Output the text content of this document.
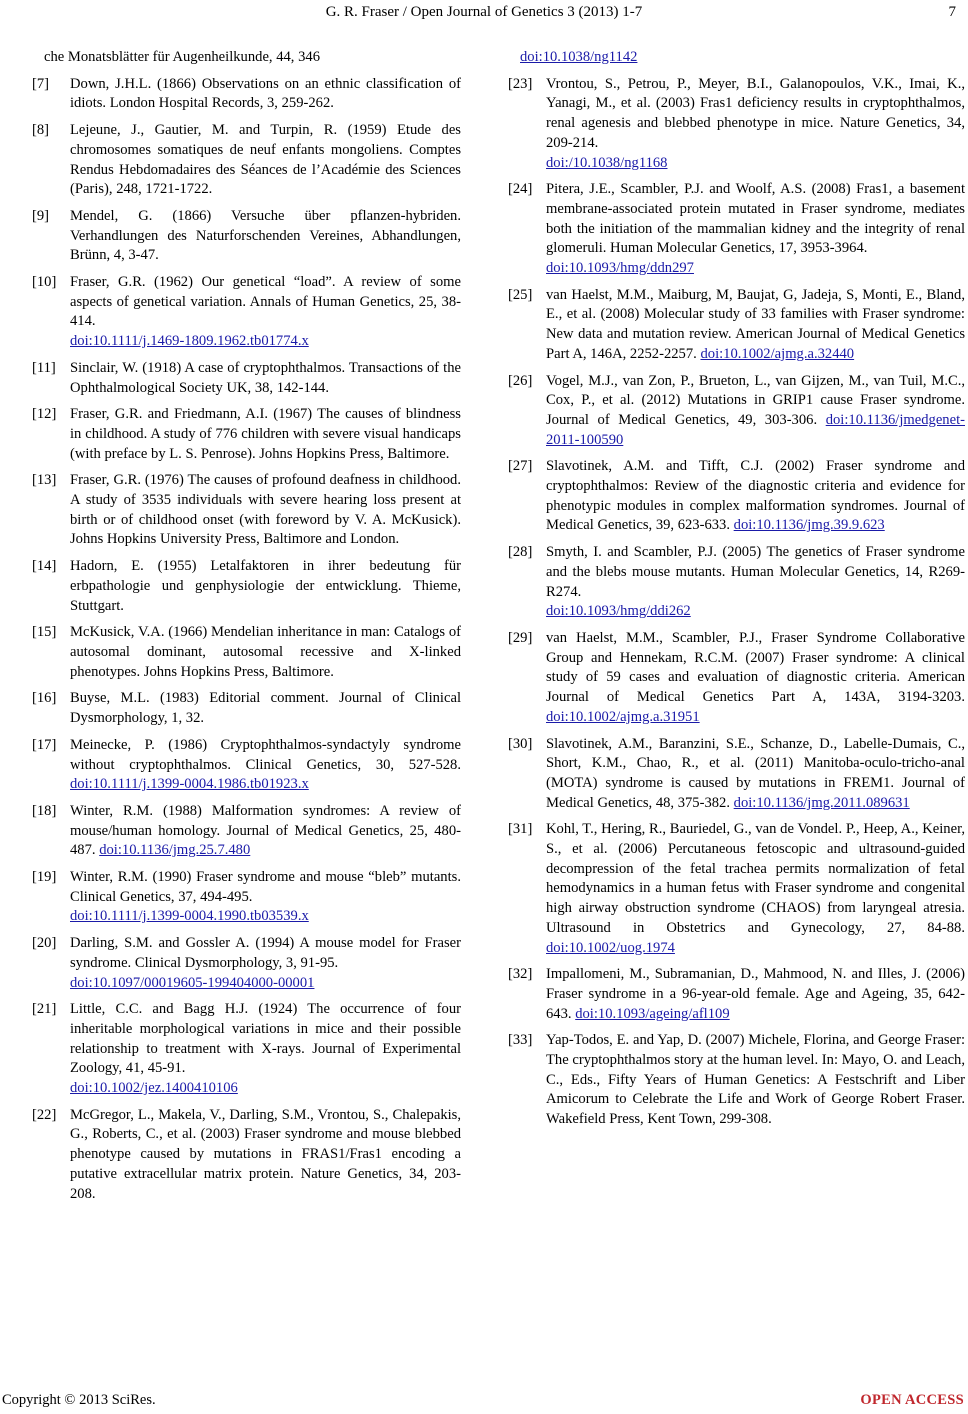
G. R. Fraser / Open Journal of Genetics 3 (2013) 1-7	7
che Monatsblätter für Augenheilkunde, 44, 346
[7] Down, J.H.L. (1866) Observations on an ethnic classification of idiots. London Hospital Records, 3, 259-262.
[8] Lejeune, J., Gautier, M. and Turpin, R. (1959) Etude des chromosomes somatiques de neuf enfants mongoliens. Comptes Rendus Hebdomadaires des Séances de l’Académie des Sciences (Paris), 248, 1721-1722.
[9] Mendel, G. (1866) Versuche über pflanzen-hybriden. Verhandlungen des Naturforschenden Vereines, Abhandlungen, Brünn, 4, 3-47.
[10] Fraser, G.R. (1962) Our genetical “load”. A review of some aspects of genetical variation. Annals of Human Genetics, 25, 38-414.
doi:10.1111/j.1469-1809.1962.tb01774.x
[11] Sinclair, W. (1918) A case of cryptophthalmos. Transactions of the Ophthalmological Society UK, 38, 142-144.
[12] Fraser, G.R. and Friedmann, A.I. (1967) The causes of blindness in childhood. A study of 776 children with severe visual handicaps (with preface by L. S. Penrose). Johns Hopkins Press, Baltimore.
[13] Fraser, G.R. (1976) The causes of profound deafness in childhood. A study of 3535 individuals with severe hearing loss present at birth or of childhood onset (with foreword by V. A. McKusick). Johns Hopkins University Press, Baltimore and London.
[14] Hadorn, E. (1955) Letalfaktoren in ihrer bedeutung für erbpathologie und genphysiologie der entwicklung. Thieme, Stuttgart.
[15] McKusick, V.A. (1966) Mendelian inheritance in man: Catalogs of autosomal dominant, autosomal recessive and X-linked phenotypes. Johns Hopkins Press, Baltimore.
[16] Buyse, M.L. (1983) Editorial comment. Journal of Clinical Dysmorphology, 1, 32.
[17] Meinecke, P. (1986) Cryptophthalmos-syndactyly syndrome without cryptophthalmos. Clinical Genetics, 30, 527-528. doi:10.1111/j.1399-0004.1986.tb01923.x
[18] Winter, R.M. (1988) Malformation syndromes: A review of mouse/human homology. Journal of Medical Genetics, 25, 480-487. doi:10.1136/jmg.25.7.480
[19] Winter, R.M. (1990) Fraser syndrome and mouse “bleb” mutants. Clinical Genetics, 37, 494-495.
doi:10.1111/j.1399-0004.1990.tb03539.x
[20] Darling, S.M. and Gossler A. (1994) A mouse model for Fraser syndrome. Clinical Dysmorphology, 3, 91-95.
doi:10.1097/00019605-199404000-00001
[21] Little, C.C. and Bagg H.J. (1924) The occurrence of four inheritable morphological variations in mice and their possible relationship to treatment with X-rays. Journal of Experimental Zoology, 41, 45-91.
doi:10.1002/jez.1400410106
[22] McGregor, L., Makela, V., Darling, S.M., Vrontou, S., Chalepakis, G., Roberts, C., et al. (2003) Fraser syndrome and mouse blebbed phenotype caused by mutations in FRAS1/Fras1 encoding a putative extracellular matrix protein. Nature Genetics, 34, 203-208.
doi:10.1038/ng1142
[23] Vrontou, S., Petrou, P., Meyer, B.I., Galanopoulos, V.K., Imai, K., Yanagi, M., et al. (2003) Fras1 deficiency results in cryptophthalmos, renal agenesis and blebbed phenotype in mice. Nature Genetics, 34, 209-214.
doi:/10.1038/ng1168
[24] Pitera, J.E., Scambler, P.J. and Woolf, A.S. (2008) Fras1, a basement membrane-associated protein mutated in Fraser syndrome, mediates both the initiation of the mammalian kidney and the integrity of renal glomeruli. Human Molecular Genetics, 17, 3953-3964.
doi:10.1093/hmg/ddn297
[25] van Haelst, M.M., Maiburg, M, Baujat, G, Jadeja, S, Monti, E., Bland, E., et al. (2008) Molecular study of 33 families with Fraser syndrome: New data and mutation review. American Journal of Medical Genetics Part A, 146A, 2252-2257. doi:10.1002/ajmg.a.32440
[26] Vogel, M.J., van Zon, P., Brueton, L., van Gijzen, M., van Tuil, M.C., Cox, P., et al. (2012) Mutations in GRIP1 cause Fraser syndrome. Journal of Medical Genetics, 49, 303-306. doi:10.1136/jmedgenet-2011-100590
[27] Slavotinek, A.M. and Tifft, C.J. (2002) Fraser syndrome and cryptophthalmos: Review of the diagnostic criteria and evidence for phenotypic modules in complex malformation syndromes. Journal of Medical Genetics, 39, 623-633. doi:10.1136/jmg.39.9.623
[28] Smyth, I. and Scambler, P.J. (2005) The genetics of Fraser syndrome and the blebs mouse mutants. Human Molecular Genetics, 14, R269-R274.
doi:10.1093/hmg/ddi262
[29] van Haelst, M.M., Scambler, P.J., Fraser Syndrome Collaborative Group and Hennekam, R.C.M. (2007) Fraser syndrome: A clinical study of 59 cases and evaluation of diagnostic criteria. American Journal of Medical Genetics Part A, 143A, 3194-3203. doi:10.1002/ajmg.a.31951
[30] Slavotinek, A.M., Baranzini, S.E., Schanze, D., Labelle-Dumais, C., Short, K.M., Chao, R., et al. (2011) Manitoba-oculo-tricho-anal (MOTA) syndrome is caused by mutations in FREM1. Journal of Medical Genetics, 48, 375-382. doi:10.1136/jmg.2011.089631
[31] Kohl, T., Hering, R., Bauriedel, G., van de Vondel. P., Heep, A., Keiner, S., et al. (2006) Percutaneous fetoscopic and ultrasound-guided decompression of the fetal trachea permits normalization of fetal hemodynamics in a human fetus with Fraser syndrome and congenital high airway obstruction syndrome (CHAOS) from laryngeal atresia. Ultrasound in Obstetrics and Gynecology, 27, 84-88. doi:10.1002/uog.1974
[32] Impallomeni, M., Subramanian, D., Mahmood, N. and Illes, J. (2006) Fraser syndrome in a 96-year-old female. Age and Ageing, 35, 642-643. doi:10.1093/ageing/afl109
[33] Yap-Todos, E. and Yap, D. (2007) Michele, Florina, and George Fraser: The cryptophthalmos story at the human level. In: Mayo, O. and Leach, C., Eds., Fifty Years of Human Genetics: A Festschrift and Liber Amicorum to Celebrate the Life and Work of George Robert Fraser. Wakefield Press, Kent Town, 299-308.
Copyright © 2013 SciRes.	OPEN ACCESS
